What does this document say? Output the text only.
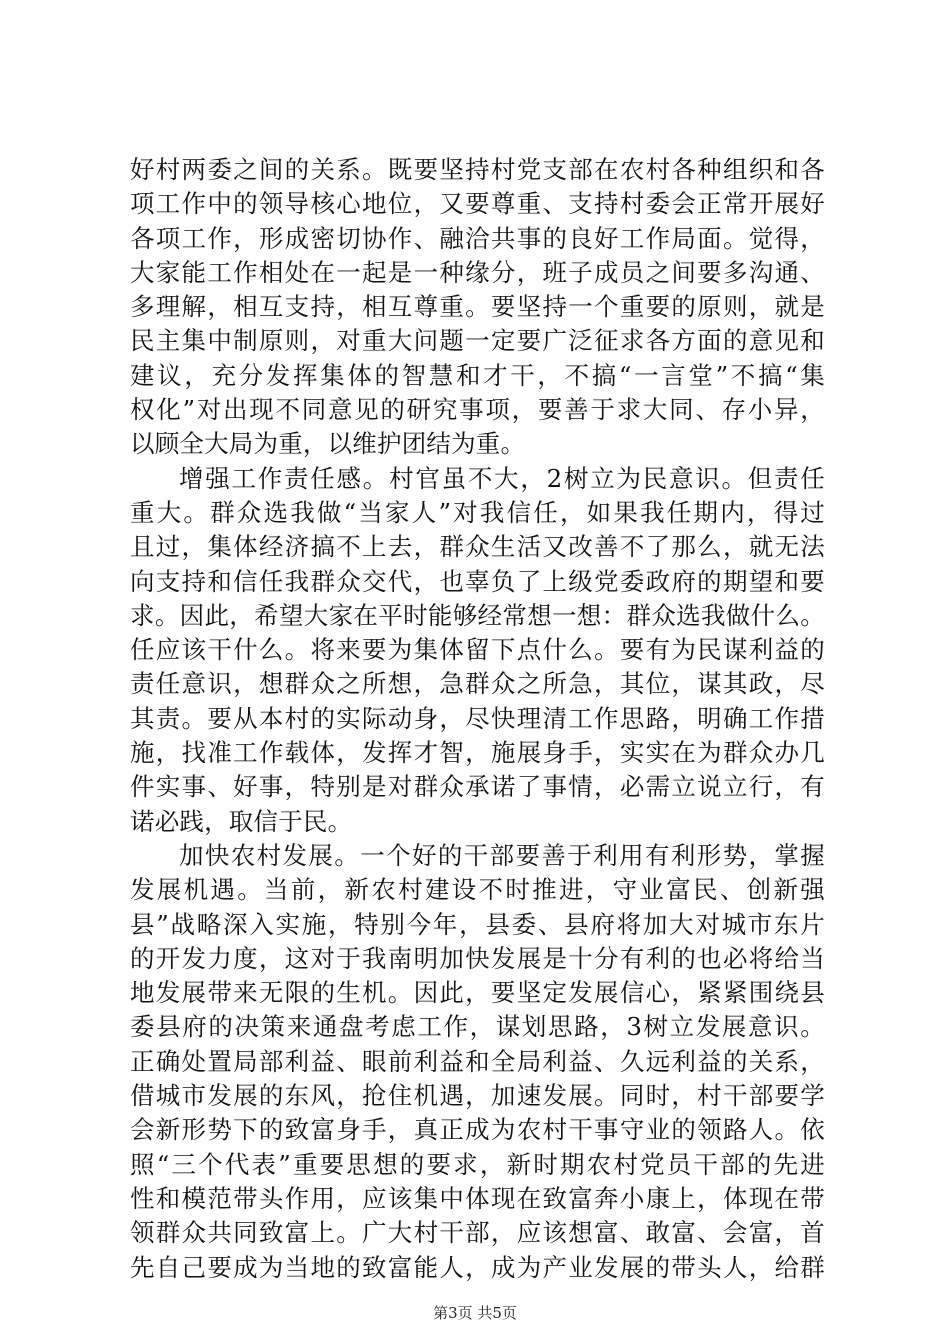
好村两委之间的关系。既要坚持村党支部在农村各种组织和各
项工作中的领导核心地位，又要尊重、支持村委会正常开展好
各项工作，形成密切协作、融洽共事的良好工作局面。觉得，
大家能工作相处在一起是一种缘分，班子成员之间要多沟通、
多理解，相互支持，相互尊重。要坚持一个重要的原则，就是
民主集中制原则，对重大问题一定要广泛征求各方面的意见和
建议，充分发挥集体的智慧和才干，不搞“一言堂”不搞“集
权化”对出现不同意见的研究事项，要善于求大同、存小异，
以顾全大局为重，以维护团结为重。
增强工作责任感。村官虽不大，2树立为民意识。但责任
重大。群众选我做“当家人”对我信任，如果我任期内，得过
且过，集体经济搞不上去，群众生活又改善不了那么，就无法
向支持和信任我群众交代，也辜负了上级党委政府的期望和要
求。因此，希望大家在平时能够经常想一想：群众选我做什么。
任应该干什么。将来要为集体留下点什么。要有为民谋利益的
责任意识，想群众之所想，急群众之所急，其位，谋其政，尽
其责。要从本村的实际动身，尽快理清工作思路，明确工作措
施，找准工作载体，发挥才智，施展身手，实实在为群众办几
件实事、好事，特别是对群众承诺了事情，必需立说立行，有
诺必践，取信于民。
加快农村发展。一个好的干部要善于利用有利形势，掌握
发展机遇。当前，新农村建设不时推进，守业富民、创新强
县”战略深入实施，特别今年，县委、县府将加大对城市东片
的开发力度，这对于我南明加快发展是十分有利的也必将给当
地发展带来无限的生机。因此，要坚定发展信心，紧紧围绕县
委县府的决策来通盘考虑工作，谋划思路，3树立发展意识。
正确处置局部利益、眼前利益和全局利益、久远利益的关系，
借城市发展的东风，抢住机遇，加速发展。同时，村干部要学
会新形势下的致富身手，真正成为农村干事守业的领路人。依
照“三个代表”重要思想的要求，新时期农村党员干部的先进
性和模范带头作用，应该集中体现在致富奔小康上，体现在带
领群众共同致富上。广大村干部，应该想富、敢富、会富，首
先自己要成为当地的致富能人，成为产业发展的带头人，给群
第3页 共5页
